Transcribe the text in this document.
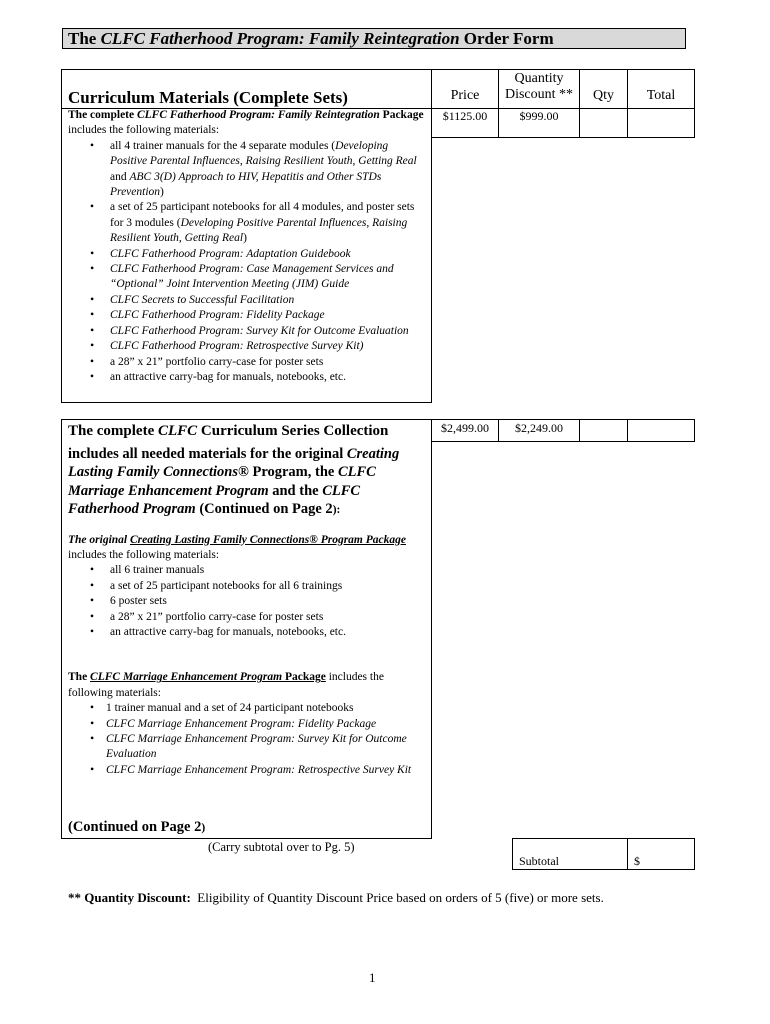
The CLFC Fatherhood Program: Family Reintegration Order Form
Curriculum Materials (Complete Sets)	Price
Quantity
Discount **	Qty	Total
The complete CLFC Fatherhood Program: Family Reintegration Package includes the following materials:
• all 4 trainer manuals for the 4 separate modules (Developing Positive Parental Influences, Raising Resilient Youth, Getting Real and ABC 3(D) Approach to HIV, Hepatitis and Other STDs Prevention)
• a set of 25 participant notebooks for all 4 modules, and poster sets for 3 modules (Developing Positive Parental Influences, Raising Resilient Youth, Getting Real)
• CLFC Fatherhood Program: Adaptation Guidebook
• CLFC Fatherhood Program: Case Management Services and “Optional” Joint Intervention Meeting (JIM) Guide
• CLFC Secrets to Successful Facilitation
• CLFC Fatherhood Program: Fidelity Package
• CLFC Fatherhood Program: Survey Kit for Outcome Evaluation
• CLFC Fatherhood Program: Retrospective Survey Kit)
• a 28” x 21” portfolio carry-case for poster sets
• an attractive carry-bag for manuals, notebooks, etc.
$1125.00	$999.00
The complete CLFC Curriculum Series Collection
includes all needed materials for the original Creating Lasting Family Connections® Program, the CLFC Marriage Enhancement Program and the CLFC Fatherhood Program (Continued on Page 2):
The original Creating Lasting Family Connections® Program Package includes the following materials:
• all 6 trainer manuals
• a set of 25 participant notebooks for all 6 trainings
• 6 poster sets
• a 28” x 21” portfolio carry-case for poster sets
• an attractive carry-bag for manuals, notebooks, etc.
The CLFC Marriage Enhancement Program Package includes the following materials:
• 1 trainer manual and a set of 24 participant notebooks
• CLFC Marriage Enhancement Program: Fidelity Package
• CLFC Marriage Enhancement Program: Survey Kit for Outcome Evaluation
• CLFC Marriage Enhancement Program: Retrospective Survey Kit
(Continued on Page 2)
$2,499.00	$2,249.00
(Carry subtotal over to Pg. 5)
Subtotal	$
** Quantity Discount:  Eligibility of Quantity Discount Price based on orders of 5 (five) or more sets.
1
